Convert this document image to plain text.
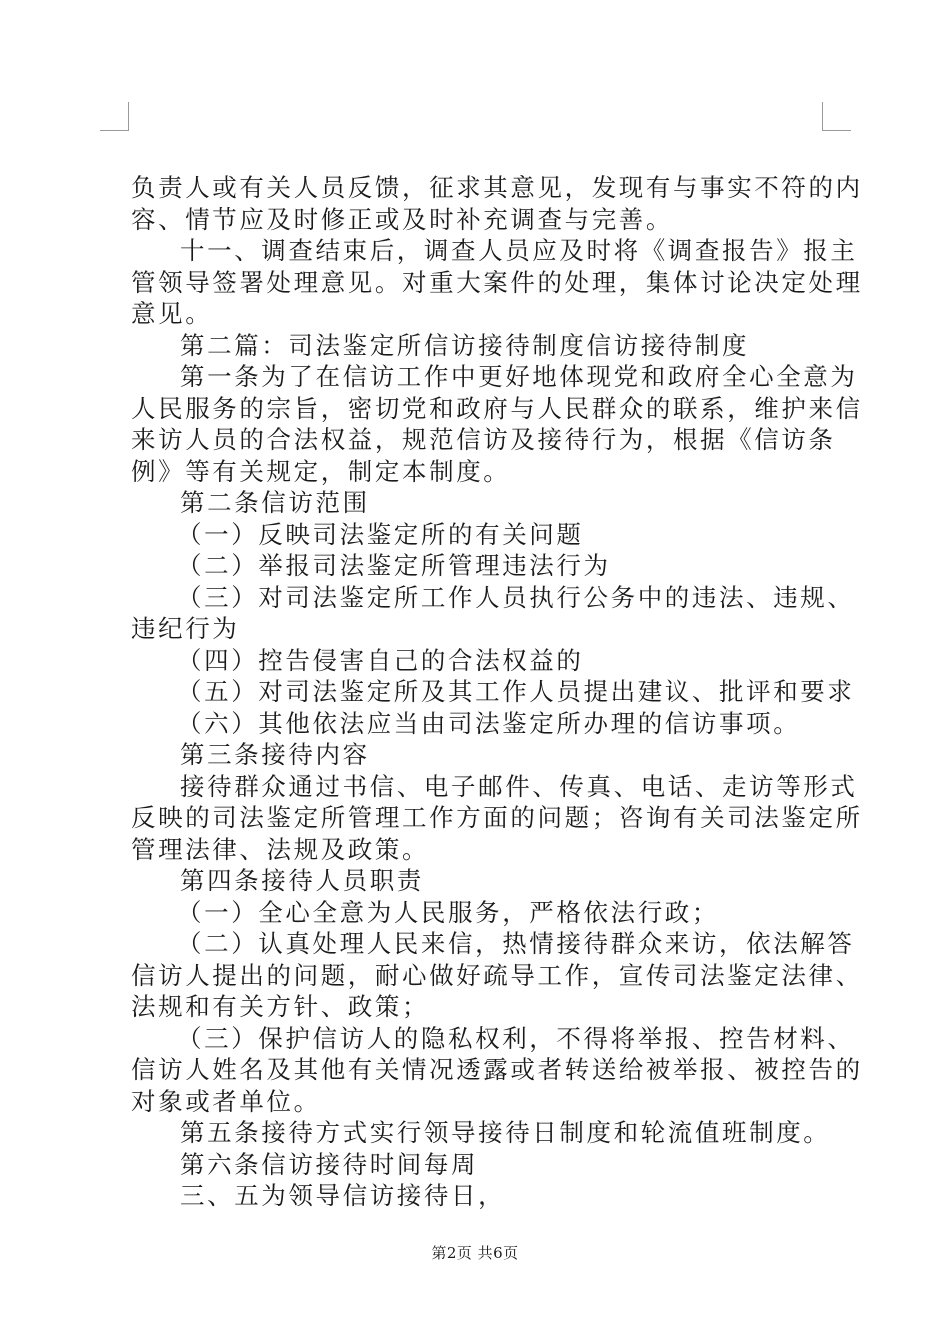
负责人或有关人员反馈，征求其意见，发现有与事实不符的内
容、情节应及时修正或及时补充调查与完善。
十一、调查结束后，调查人员应及时将《调查报告》报主
管领导签署处理意见。对重大案件的处理，集体讨论决定处理
意见。
第二篇：司法鉴定所信访接待制度信访接待制度
第一条为了在信访工作中更好地体现党和政府全心全意为
人民服务的宗旨，密切党和政府与人民群众的联系，维护来信
来访人员的合法权益，规范信访及接待行为，根据《信访条
例》等有关规定，制定本制度。
第二条信访范围
（一）反映司法鉴定所的有关问题
（二）举报司法鉴定所管理违法行为
（三）对司法鉴定所工作人员执行公务中的违法、违规、
违纪行为
（四）控告侵害自己的合法权益的
（五）对司法鉴定所及其工作人员提出建议、批评和要求
（六）其他依法应当由司法鉴定所办理的信访事项。
第三条接待内容
接待群众通过书信、电子邮件、传真、电话、走访等形式
反映的司法鉴定所管理工作方面的问题；咨询有关司法鉴定所
管理法律、法规及政策。
第四条接待人员职责
（一）全心全意为人民服务，严格依法行政；
（二）认真处理人民来信，热情接待群众来访，依法解答
信访人提出的问题，耐心做好疏导工作，宣传司法鉴定法律、
法规和有关方针、政策；
（三）保护信访人的隐私权利，不得将举报、控告材料、
信访人姓名及其他有关情况透露或者转送给被举报、被控告的
对象或者单位。
第五条接待方式实行领导接待日制度和轮流值班制度。
第六条信访接待时间每周
三、五为领导信访接待日，
第2页 共6页
